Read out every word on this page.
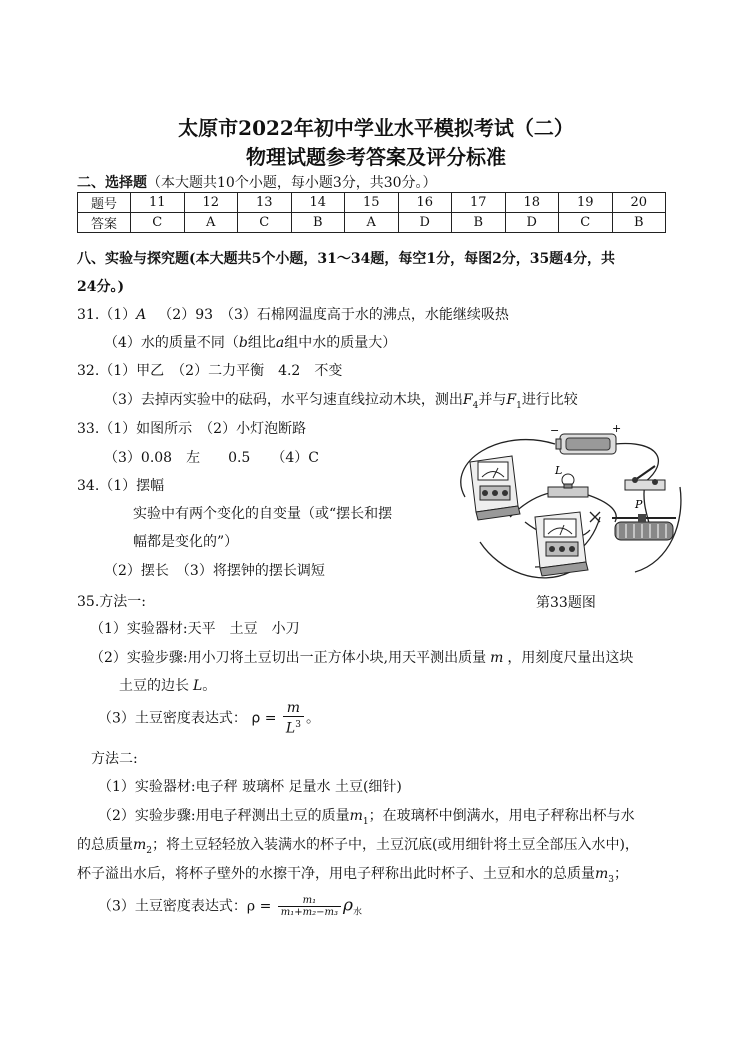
太原市2022年初中学业水平模拟考试（二）
物理试题参考答案及评分标准
二、选择题（本大题共10个小题，每小题3分，共30分。）
题号	11	12	13	14	15	16	17	18	19	20
答案	C	A	C	B	A	D	B	D	C	B
八、实验与探究题(本大题共5个小题，31～34题，每空1分，每图2分，35题4分，共
24分。)
31.（1）A （2）93　（3）石棉网温度高于水的沸点，水能继续吸热
（4）水的质量不同（b组比a组中水的质量大）
32.（1）甲乙　（2）二力平衡　4.2　不变
（3）去掉丙实验中的砝码，水平匀速直线拉动木块，测出$F_4$并与$F_1$进行比较
33.（1）如图所示　（2）小灯泡断路
（3）0.08　左　　0.5　　（4）C
34.（1）摆幅
实验中有两个变化的自变量（或“摆长和摆
幅都是变化的”）
（2）摆长　（3）将摆钟的摆长调短
−	+
L
P
第33题图
35.方法一:
（1）实验器材:天平　土豆　小刀
（2）实验步骤:用小刀将土豆切出一正方体小块,用天平测出质量 m ，用刻度尺量出这块
土豆的边长 L。
（3）土豆密度表达式： $\rho = \frac{m}{L^3}$ 。
方法二:
（1）实验器材:电子秤 玻璃杯 足量水 土豆(细针)
（2）实验步骤:用电子秤测出土豆的质量$m_1$；在玻璃杯中倒满水，用电子秤称出杯与水
的总质量$m_2$；将土豆轻轻放入装满水的杯子中，土豆沉底(或用细针将土豆全部压入水中)，
杯子溢出水后，将杯子壁外的水擦干净，用电子秤称出此时杯子、土豆和水的总质量$m_3$；
（3）土豆密度表达式：$\rho = \frac{\text{m₁}}{\text{m₁+m₂−m₃}} \rho_水$
